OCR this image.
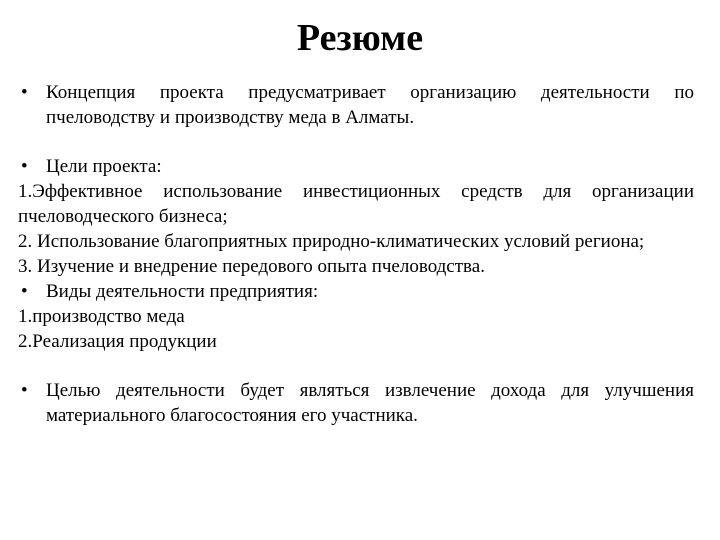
Резюме
• Концепция проекта предусматривает организацию деятельности по пчеловодству и производству меда в Алматы.
• Цели проекта:
1.Эффективное использование инвестиционных средств для организации пчеловодческого бизнеса;
2. Использование благоприятных природно-климатических условий региона;
3. Изучение и внедрение передового опыта пчеловодства.
• Виды деятельности предприятия:
1.производство меда
2.Реализация продукции
• Целью деятельности будет являться извлечение дохода для улучшения материального благосостояния его участника.
